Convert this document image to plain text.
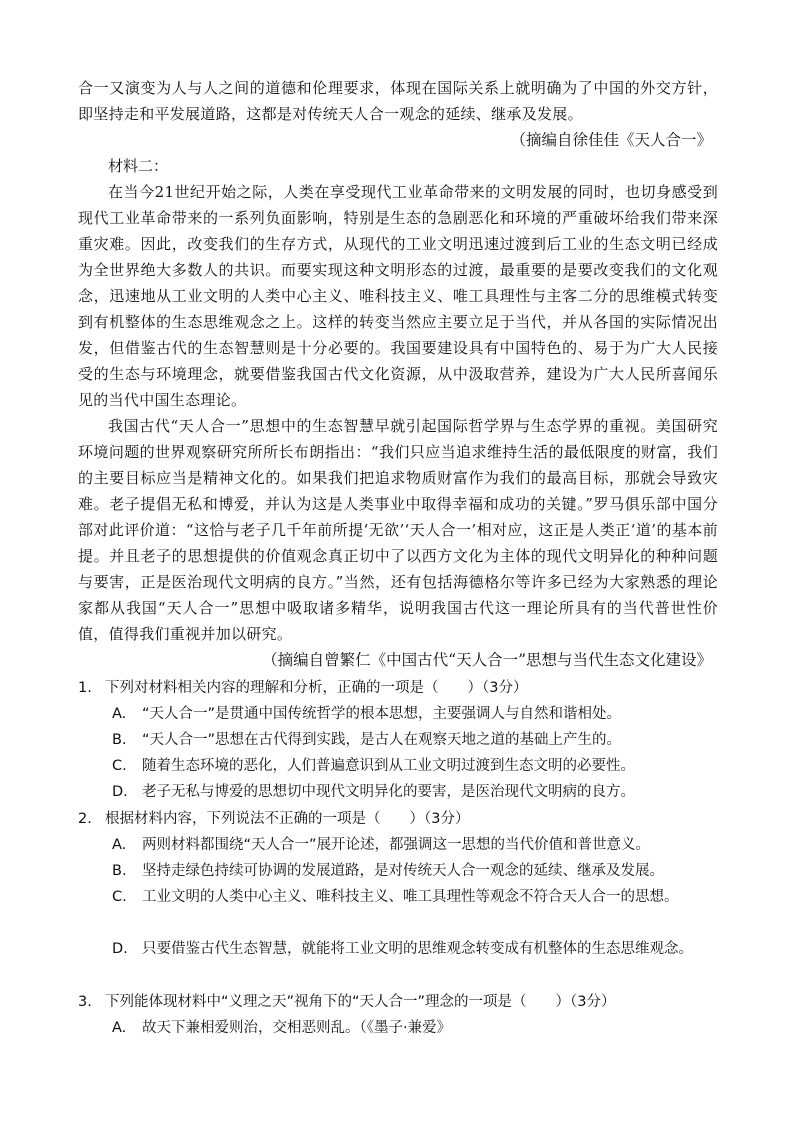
合一又演变为人与人之间的道德和伦理要求，体现在国际关系上就明确为了中国的外交方针，即坚持走和平发展道路，这都是对传统天人合一观念的延续、继承及发展。

（摘编自徐佳佳《天人合一》
材料二：

在当今21世纪开始之际，人类在享受现代工业革命带来的文明发展的同时，也切身感受到现代工业革命带来的一系列负面影响，特别是生态的急剧恶化和环境的严重破坏给我们带来深重灾难。因此，改变我们的生存方式，从现代的工业文明迅速过渡到后工业的生态文明已经成为全世界绝大多数人的共识。而要实现这种文明形态的过渡，最重要的是要改变我们的文化观念，迅速地从工业文明的人类中心主义、唯科技主义、唯工具理性与主客二分的思维模式转变到有机整体的生态思维观念之上。这样的转变当然应主要立足于当代，并从各国的实际情况出发，但借鉴古代的生态智慧则是十分必要的。我国要建设具有中国特色的、易于为广大人民接受的生态与环境理念，就要借鉴我国古代文化资源，从中汲取营养，建设为广大人民所喜闻乐见的当代中国生态理论。

我国古代“天人合一”思想中的生态智慧早就引起国际哲学界与生态学界的重视。美国研究环境问题的世界观察研究所所长布朗指出：“我们只应当追求维持生活的最低限度的财富，我们的主要目标应当是精神文化的。如果我们把追求物质财富作为我们的最高目标，那就会导致灾难。老子提倡无私和博爱，并认为这是人类事业中取得幸福和成功的关键。”罗马俱乐部中国分部对此评价道：“这恰与老子几千年前所提‘无欲’‘天人合一’相对应，这正是人类正‘道’的基本前提。并且老子的思想提供的价值观念真正切中了以西方文化为主体的现代文明异化的种种问题与要害，正是医治现代文明病的良方。”当然，还有包括海德格尔等许多已经为大家熟悉的理论家都从我国“天人合一”思想中吸取诸多精华，说明我国古代这一理论所具有的当代普世性价值，值得我们重视并加以研究。

（摘编自曾繁仁《中国古代“天人合一”思想与当代生态文化建设》
1. 下列对材料相关内容的理解和分析，正确的一项是（　　）（3分）
A.	“天人合一”是贯通中国传统哲学的根本思想，主要强调人与自然和谐相处。
B.	“天人合一”思想在古代得到实践，是古人在观察天地之道的基础上产生的。
C.	随着生态环境的恶化，人们普遍意识到从工业文明过渡到生态文明的必要性。
D. 老子无私与博爱的思想切中现代文明异化的要害，是医治现代文明病的良方。
2. 根据材料内容，下列说法不正确的一项是（　　）（3分）
A.	两则材料都围绕“天人合一”展开论述，都强调这一思想的当代价值和普世意义。
B.	坚持走绿色持续可协调的发展道路，是对传统天人合一观念的延续、继承及发展。
C.	工业文明的人类中心主义、唯科技主义、唯工具理性等观念不符合天人合一的思想。
D. 只要借鉴古代生态智慧，就能将工业文明的思维观念转变成有机整体的生态思维观念。
3. 下列能体现材料中“义理之天”视角下的“天人合一”理念的一项是（　　）（3分）
A.	故天下兼相爱则治，交相恶则乱。（《墨子·兼爱》
